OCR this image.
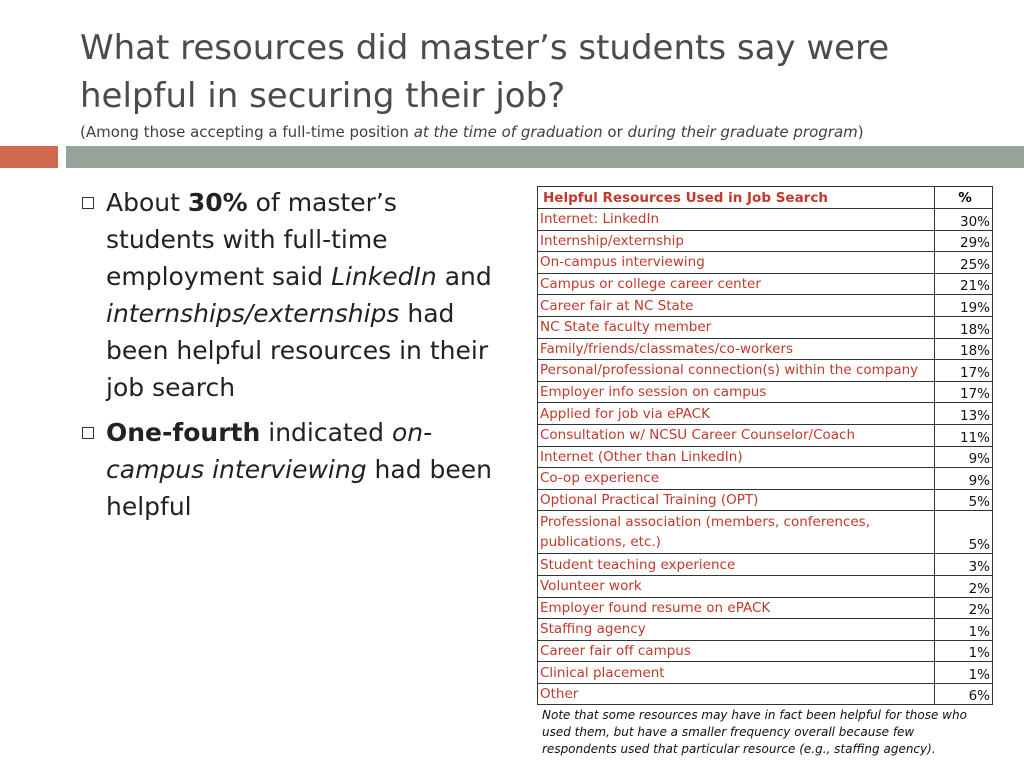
What resources did master’s students say were helpful in securing their job?
(Among those accepting a full-time position at the time of graduation or during their graduate program)
About 30% of master’s students with full-time employment said LinkedIn and internships/externships had been helpful resources in their job search
One-fourth indicated on-campus interviewing had been helpful
Helpful Resources Used in Job Search	%
Internet: LinkedIn	30%
Internship/externship	29%
On-campus interviewing	25%
Campus or college career center	21%
Career fair at NC State	19%
NC State faculty member	18%
Family/friends/classmates/co-workers	18%
Personal/professional connection(s) within the company	17%
Employer info session on campus	17%
Applied for job via ePACK	13%
Consultation w/ NCSU Career Counselor/Coach	11%
Internet (Other than LinkedIn)	9%
Co-op experience	9%
Optional Practical Training (OPT)	5%
Professional association (members, conferences, publications, etc.)	5%
Student teaching experience	3%
Volunteer work	2%
Employer found resume on ePACK	2%
Staffing agency	1%
Career fair off campus	1%
Clinical placement	1%
Other	6%
Note that some resources may have in fact been helpful for those who used them, but have a smaller frequency overall because few respondents used that particular resource (e.g., staffing agency).
